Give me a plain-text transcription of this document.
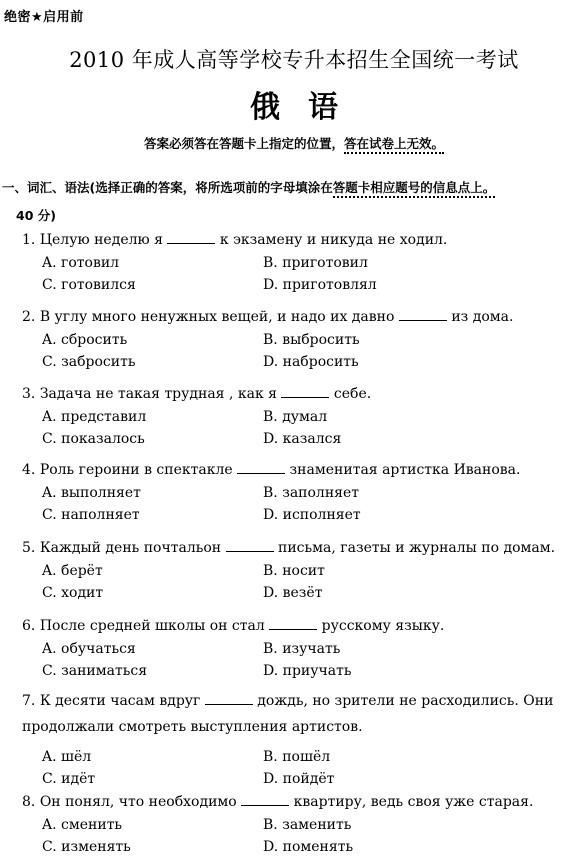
绝密★启用前
2010 年成人高等学校专升本招生全国统一考试
俄语
答案必须答在答题卡上指定的位置，答在试卷上无效。
一、词汇、语法(选择正确的答案，将所选项前的字母填涂在答题卡相应题号的信息点上。
40 分)
1. Целую неделю я	к экзамену и никуда не ходил.
A. готовил	B. приготовил
C. готовился	D. приготовлял
2. В углу много ненужных вещей, и надо их давно	из дома.
A. сбросить	B. выбросить
C. забросить	D. набросить
3. Задача не такая трудная , как я	себе.
A. представил	B. думал
C. показалось	D. казался
4. Роль героини в спектакле	знаменитая артистка Иванова.
A. выполняет	B. заполняет
C. наполняет	D. исполняет
5. Каждый день почтальон	письма, газеты и журналы по домам.
A. берёт	B. носит
C. ходит	D. везёт
6. После средней школы он стал	русскому языку.
A. обучаться	B. изучать
C. заниматься	D. приучать
7. К десяти часам вдруг	дождь, но зрители не расходились. Они продолжали смотреть выступления артистов.
A. шёл	B. пошёл
C. идёт	D. пойдёт
8. Он понял, что необходимо	квартиру, ведь своя уже старая.
A. сменить	B. заменить
C. изменять	D. поменять
